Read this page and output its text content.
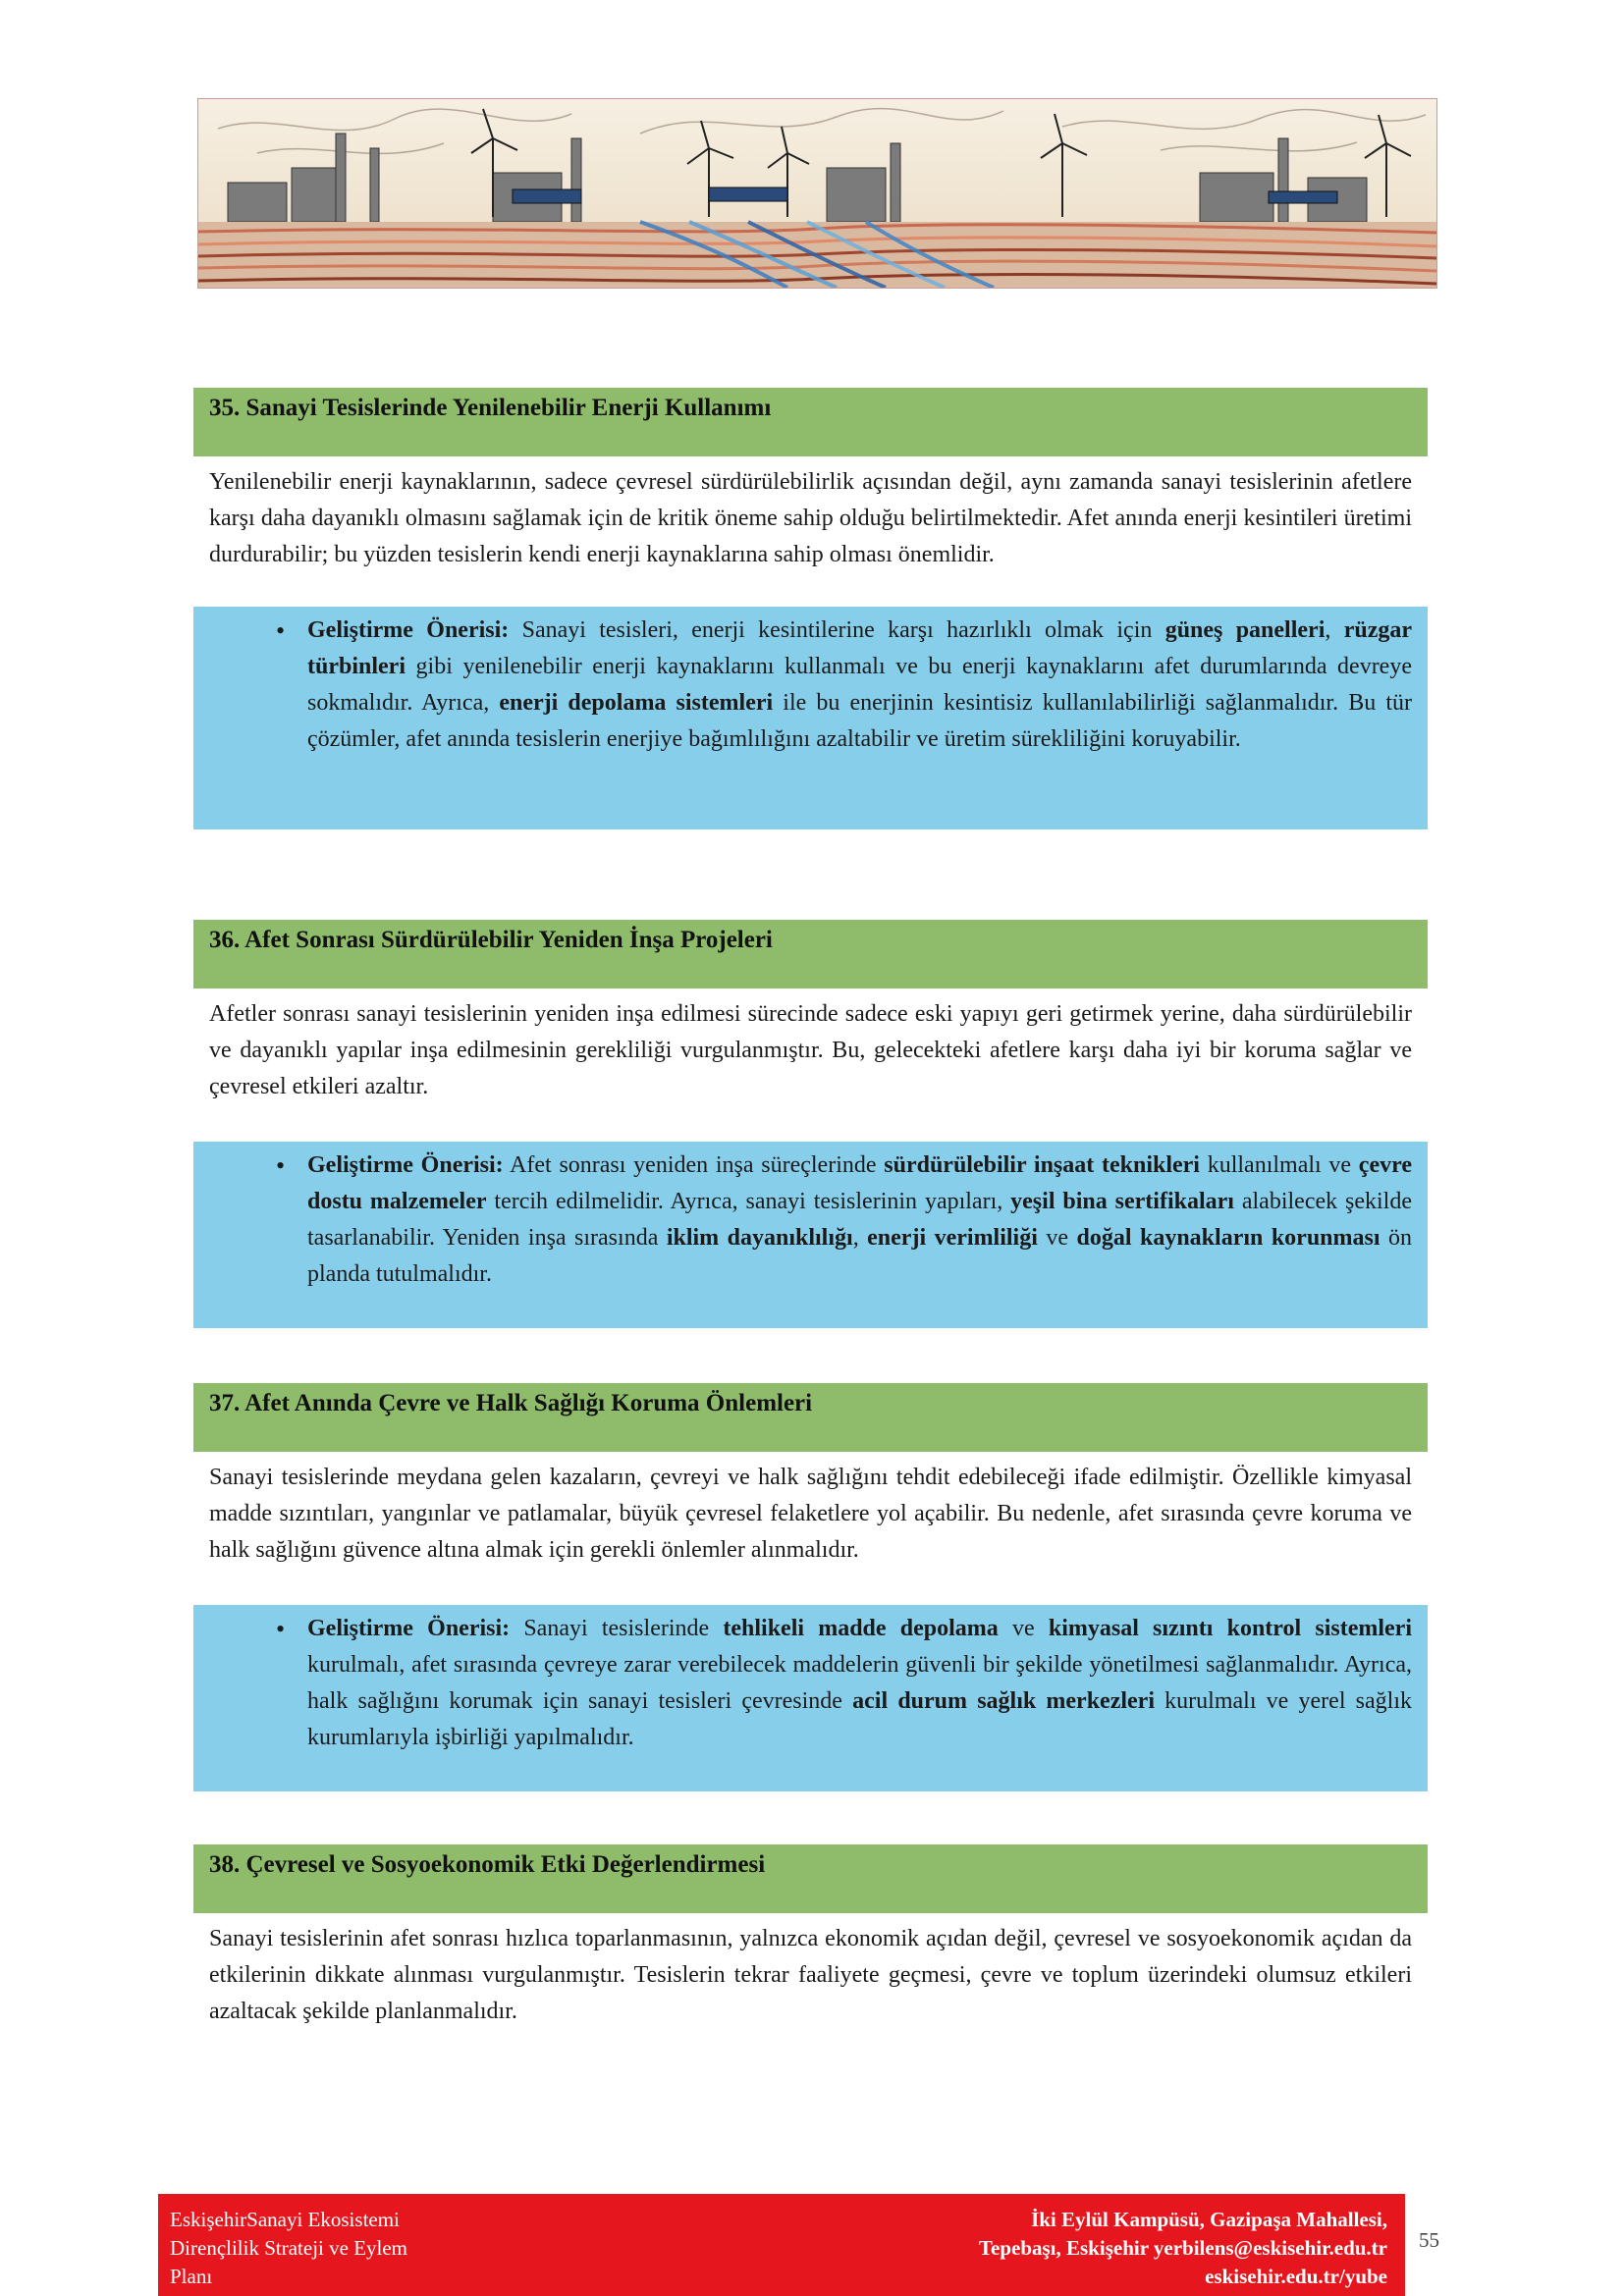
35. Sanayi Tesislerinde Yenilenebilir Enerji Kullanımı
Yenilenebilir enerji kaynaklarının, sadece çevresel sürdürülebilirlik açısından değil, aynı zamanda sanayi tesislerinin afetlere karşı daha dayanıklı olmasını sağlamak için de kritik öneme sahip olduğu belirtilmektedir. Afet anında enerji kesintileri üretimi durdurabilir; bu yüzden tesislerin kendi enerji kaynaklarına sahip olması önemlidir.
• Geliştirme Önerisi: Sanayi tesisleri, enerji kesintilerine karşı hazırlıklı olmak için güneş panelleri, rüzgar türbinleri gibi yenilenebilir enerji kaynaklarını kullanmalı ve bu enerji kaynaklarını afet durumlarında devreye sokmalıdır. Ayrıca, enerji depolama sistemleri ile bu enerjinin kesintisiz kullanılabilirliği sağlanmalıdır. Bu tür çözümler, afet anında tesislerin enerjiye bağımlılığını azaltabilir ve üretim sürekliliğini koruyabilir.
36. Afet Sonrası Sürdürülebilir Yeniden İnşa Projeleri
Afetler sonrası sanayi tesislerinin yeniden inşa edilmesi sürecinde sadece eski yapıyı geri getirmek yerine, daha sürdürülebilir ve dayanıklı yapılar inşa edilmesinin gerekliliği vurgulanmıştır. Bu, gelecekteki afetlere karşı daha iyi bir koruma sağlar ve çevresel etkileri azaltır.
• Geliştirme Önerisi: Afet sonrası yeniden inşa süreçlerinde sürdürülebilir inşaat teknikleri kullanılmalı ve çevre dostu malzemeler tercih edilmelidir. Ayrıca, sanayi tesislerinin yapıları, yeşil bina sertifikaları alabilecek şekilde tasarlanabilir. Yeniden inşa sırasında iklim dayanıklılığı, enerji verimliliği ve doğal kaynakların korunması ön planda tutulmalıdır.
37. Afet Anında Çevre ve Halk Sağlığı Koruma Önlemleri
Sanayi tesislerinde meydana gelen kazaların, çevreyi ve halk sağlığını tehdit edebileceği ifade edilmiştir. Özellikle kimyasal madde sızıntıları, yangınlar ve patlamalar, büyük çevresel felaketlere yol açabilir. Bu nedenle, afet sırasında çevre koruma ve halk sağlığını güvence altına almak için gerekli önlemler alınmalıdır.
• Geliştirme Önerisi: Sanayi tesislerinde tehlikeli madde depolama ve kimyasal sızıntı kontrol sistemleri kurulmalı, afet sırasında çevreye zarar verebilecek maddelerin güvenli bir şekilde yönetilmesi sağlanmalıdır. Ayrıca, halk sağlığını korumak için sanayi tesisleri çevresinde acil durum sağlık merkezleri kurulmalı ve yerel sağlık kurumlarıyla işbirliği yapılmalıdır.
38. Çevresel ve Sosyoekonomik Etki Değerlendirmesi
Sanayi tesislerinin afet sonrası hızlıca toparlanmasının, yalnızca ekonomik açıdan değil, çevresel ve sosyoekonomik açıdan da etkilerinin dikkate alınması vurgulanmıştır. Tesislerin tekrar faaliyete geçmesi, çevre ve toplum üzerindeki olumsuz etkileri azaltacak şekilde planlanmalıdır.
EskişehirSanayi Ekosistemi
Dirençlilik Strateji ve Eylem
Planı
İki Eylül Kampüsü, Gazipaşa Mahallesi,
Tepebaşı, Eskişehir yerbilens@eskisehir.edu.tr
eskisehir.edu.tr/yube
55
